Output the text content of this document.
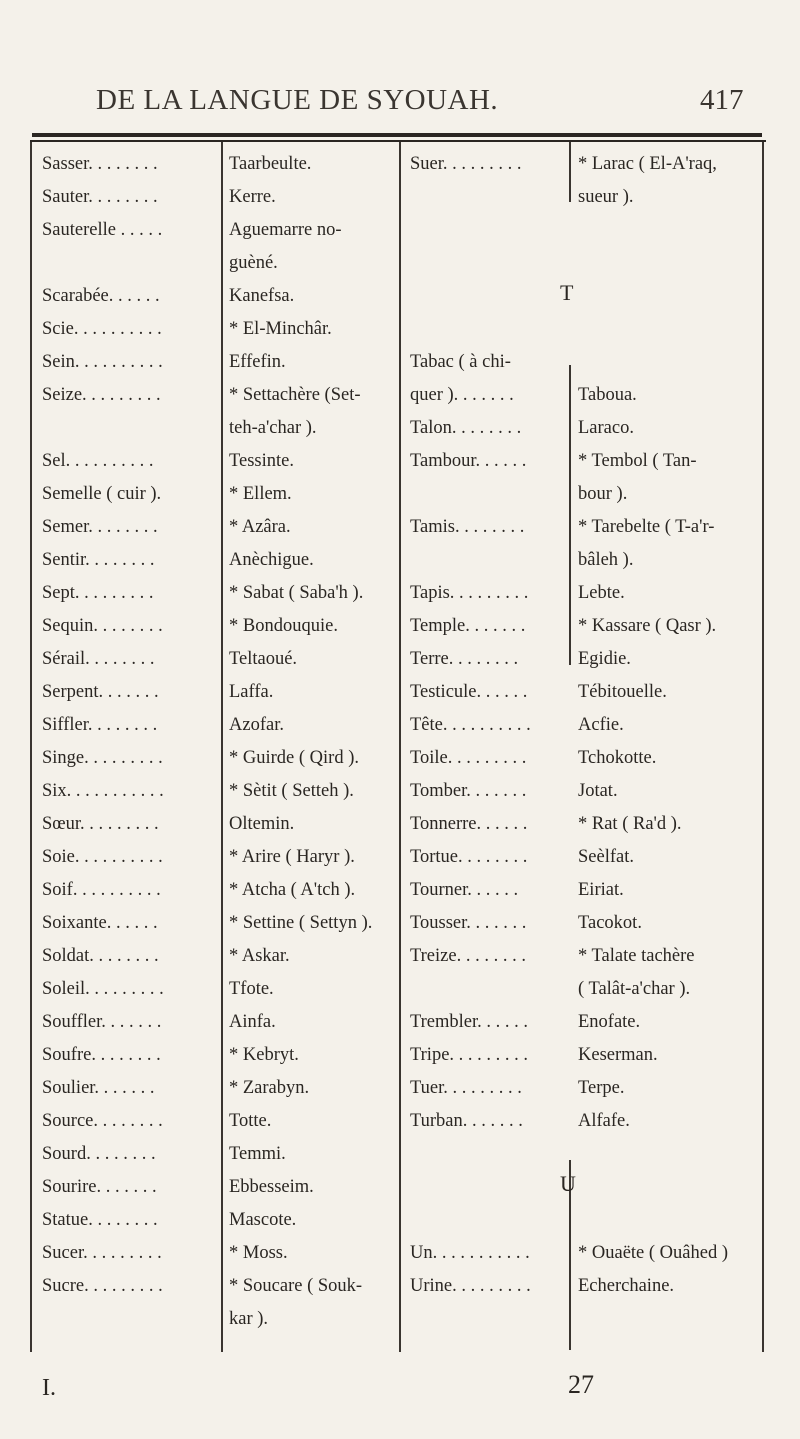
DE LA LANGUE DE SYOUAH.	417
Sasser. . . . . . . .	Taarbeulte.
Sauter. . . . . . . .	Kerre.
Sauterelle . . . . .	Aguemarre no-
guèné.
Scarabée. . . . . .	Kanefsa.
Scie. . . . . . . . . .	* El-Minchâr.
Sein. . . . . . . . . .	Effefin.
Seize. . . . . . . . .	* Settachère (Set-
teh-a'char ).
Sel. . . . . . . . . .	Tessinte.
Semelle ( cuir ).	* Ellem.
Semer. . . . . . . .	* Azâra.
Sentir. . . . . . . .	Anèchigue.
Sept. . . . . . . . .	* Sabat ( Saba'h ).
Sequin. . . . . . . .	* Bondouquie.
Sérail. . . . . . . .	Teltaoué.
Serpent. . . . . . .	Laffa.
Siffler. . . . . . . .	Azofar.
Singe. . . . . . . . .	* Guirde ( Qird ).
Six. . . . . . . . . . .	* Sètit ( Setteh ).
Sœur. . . . . . . . .	Oltemin.
Soie. . . . . . . . . .	* Arire ( Haryr ).
Soif. . . . . . . . . .	* Atcha ( A'tch ).
Soixante. . . . . .	* Settine ( Settyn ).
Soldat. . . . . . . .	* Askar.
Soleil. . . . . . . . .	Tfote.
Souffler. . . . . . .	Ainfa.
Soufre. . . . . . . .	* Kebryt.
Soulier. . . . . . .	* Zarabyn.
Source. . . . . . . .	Totte.
Sourd. . . . . . . .	Temmi.
Sourire. . . . . . .	Ebbesseim.
Statue. . . . . . . .	Mascote.
Sucer. . . . . . . . .	* Moss.
Sucre. . . . . . . . .	* Soucare ( Souk-
kar ).
Suer. . . . . . . . .	* Larac ( El-A'raq,
sueur ).
Tabac ( à chi-
quer ). . . . . . .	Taboua.
Talon. . . . . . . .	Laraco.
Tambour. . . . . .	* Tembol ( Tan-
bour ).
Tamis. . . . . . . .	* Tarebelte ( T-a'r-
bâleh ).
Tapis. . . . . . . . .	Lebte.
Temple. . . . . . .	* Kassare ( Qasr ).
Terre. . . . . . . .	Egidie.
Testicule. . . . . .	Tébitouelle.
Tête. . . . . . . . . .	Acfie.
Toile. . . . . . . . .	Tchokotte.
Tomber. . . . . . .	Jotat.
Tonnerre. . . . . .	* Rat ( Ra'd ).
Tortue. . . . . . . .	Seèlfat.
Tourner. . . . . .	Eiriat.
Tousser. . . . . . .	Tacokot.
Treize. . . . . . . .	* Talate tachère
( Talât-a'char ).
Trembler. . . . . .	Enofate.
Tripe. . . . . . . . .	Keserman.
Tuer. . . . . . . . .	Terpe.
Turban. . . . . . .	Alfafe.
Un. . . . . . . . . . .	* Ouaëte ( Ouâhed )
Urine. . . . . . . . .	Echerchaine.
T
U
I.	27
